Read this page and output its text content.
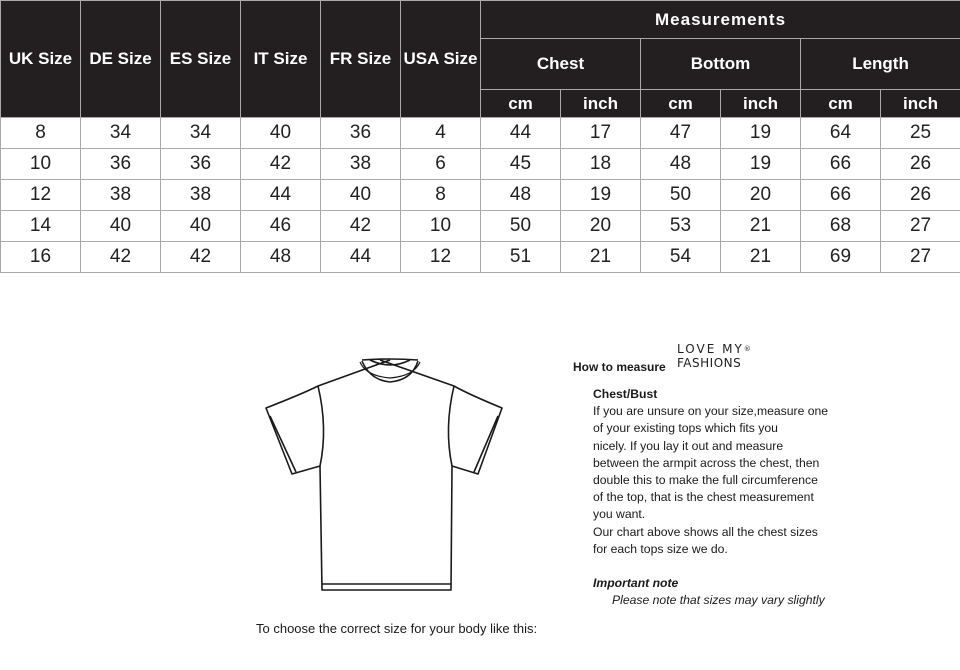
UK Size	DE Size	ES Size	IT Size	FR Size	USA Size	Measurements					
						Chest		Bottom		Length	
						cm	inch	cm	inch	cm	inch
8	34	34	40	36	4	44	17	47	19	64	25
10	36	36	42	38	6	45	18	48	19	66	26
12	38	38	44	40	8	48	19	50	20	66	26
14	40	40	46	42	10	50	20	53	21	68	27
16	42	42	48	44	12	51	21	54	21	69	27
To choose the correct size for your body like this:
How to measure
LOVE MY®
FASHIONS
Chest/Bust
If you are unsure on your size,measure one
of your existing tops which fits you
nicely. If you lay it out and measure
between the armpit across the chest, then
double this to make the full circumference
of the top, that is the chest measurement
you want.
Our chart above shows all the chest sizes
for each tops size we do.
Important note
Please note that sizes may vary slightly
